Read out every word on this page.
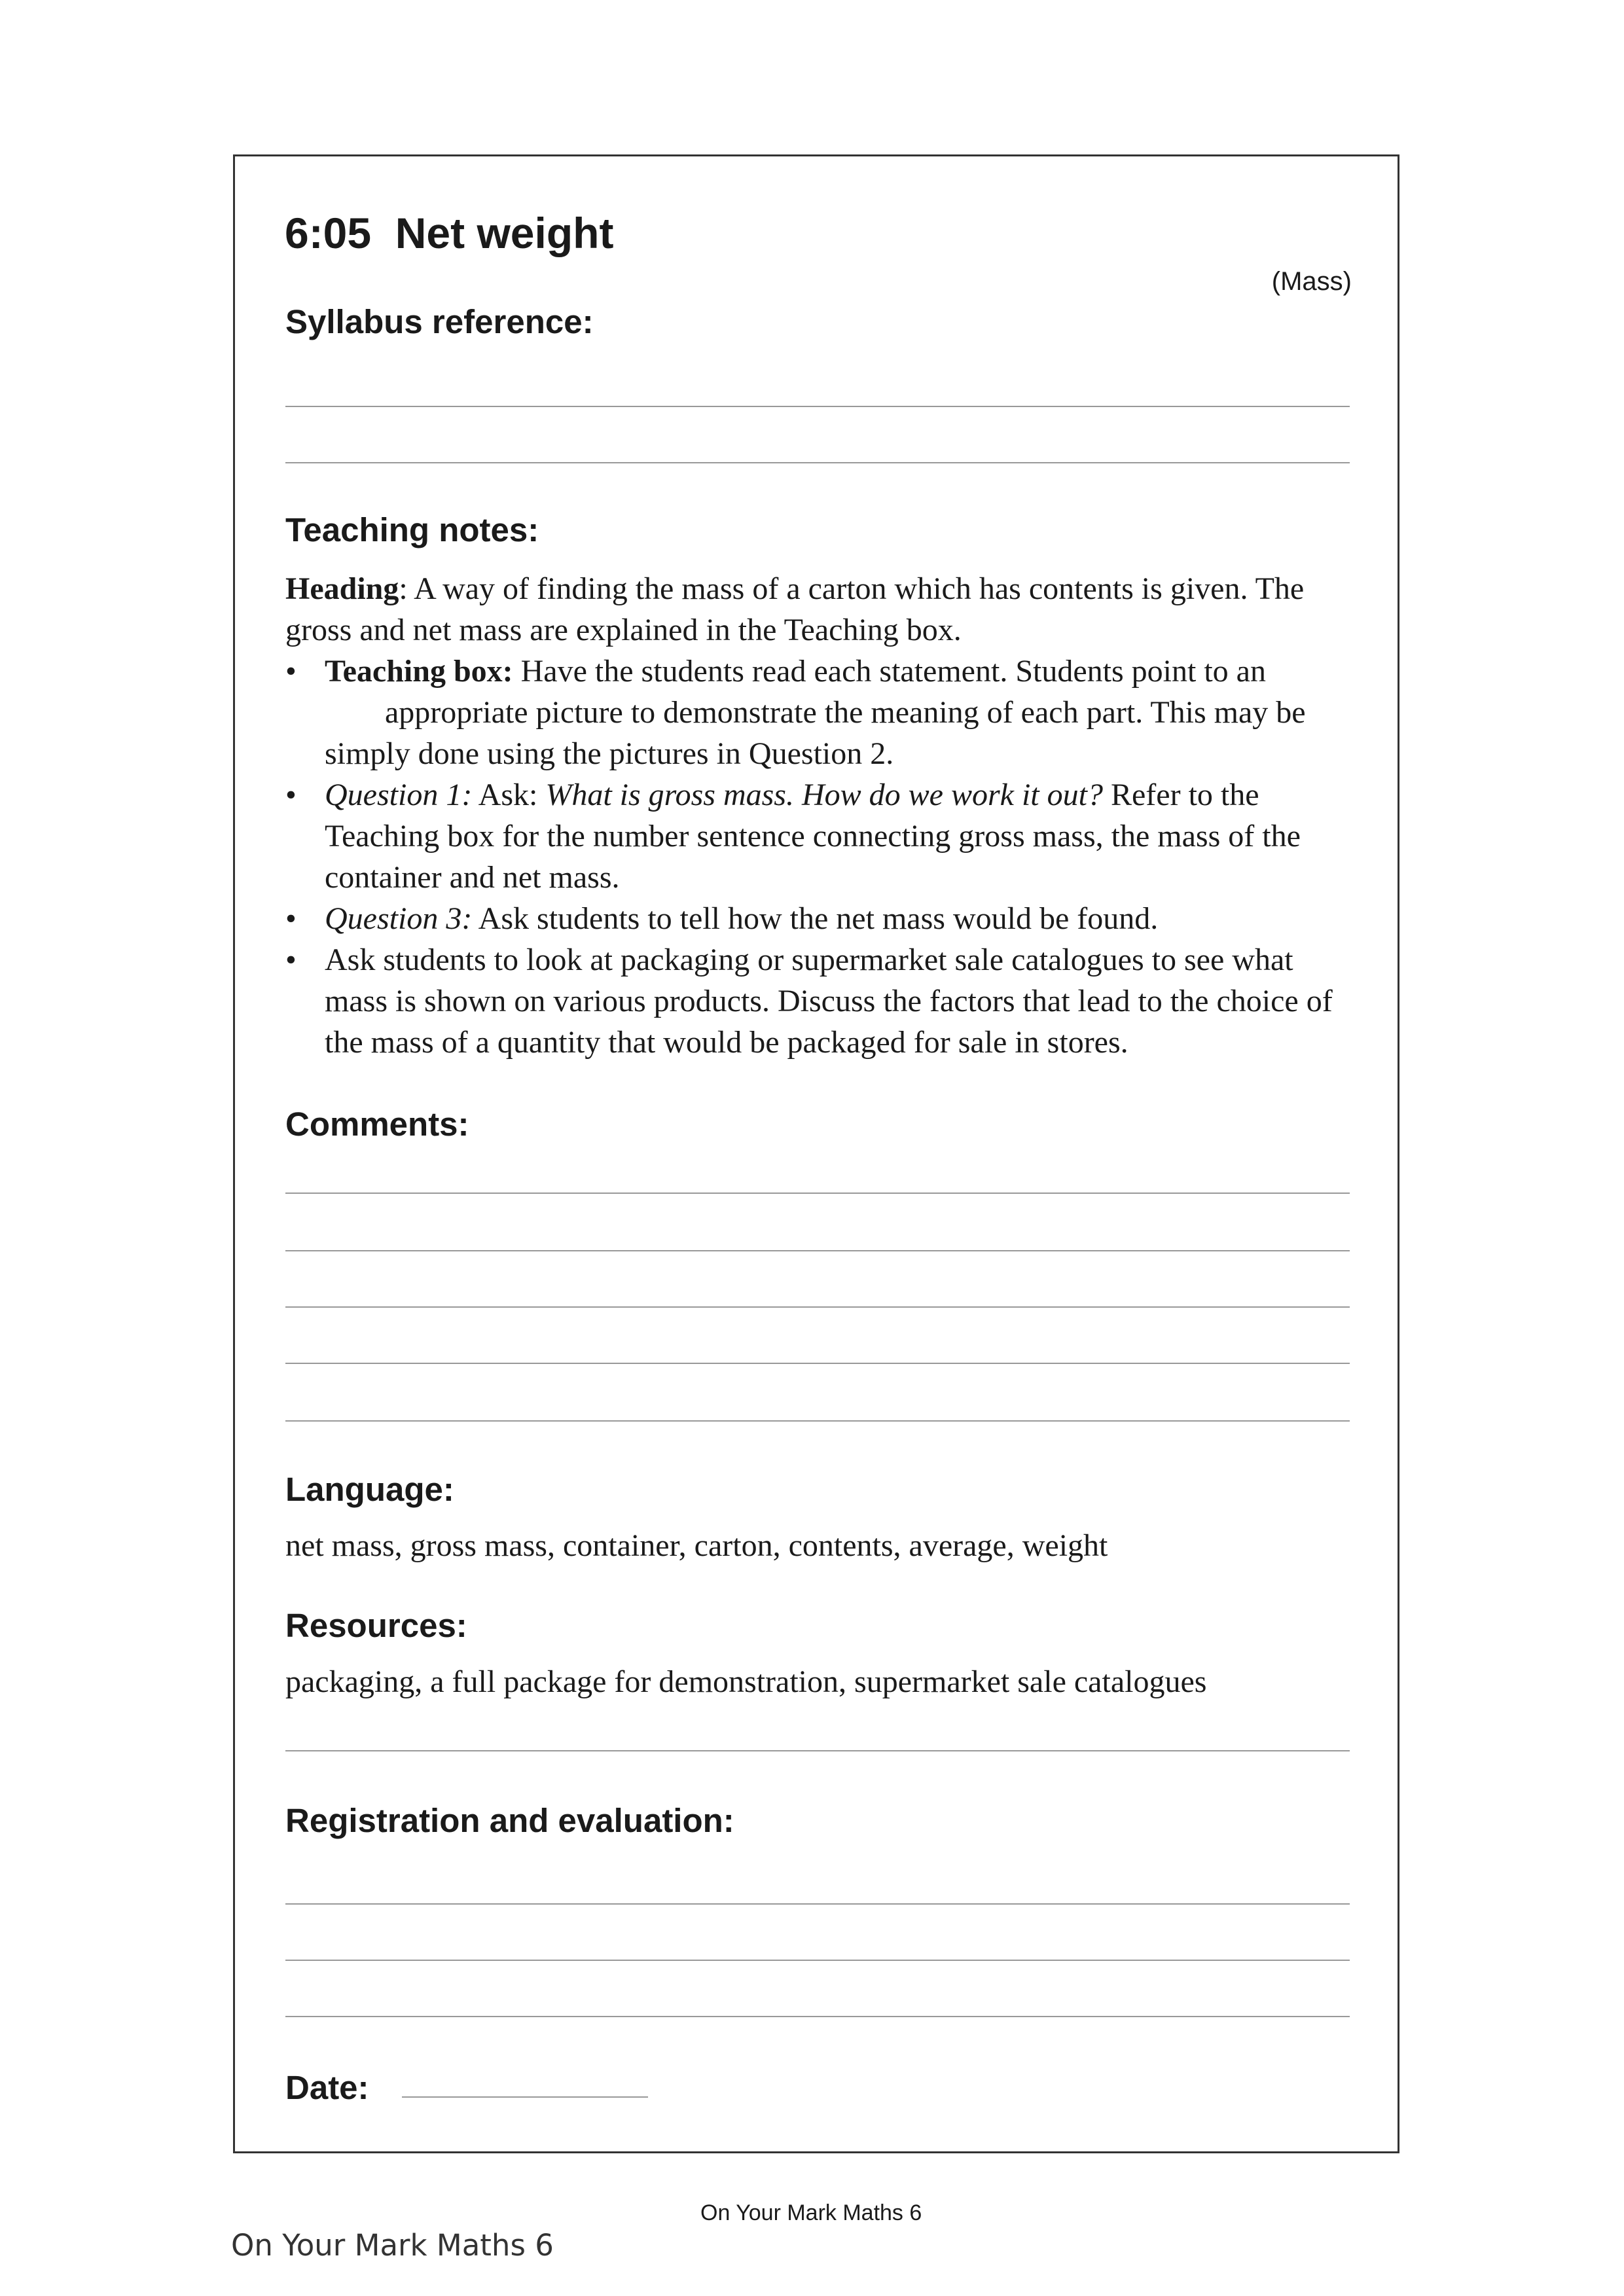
6:05  Net weight
(Mass)
Syllabus reference:
Teaching notes:

Heading: A way of finding the mass of a carton which has contents is given. The gross and net mass are explained in the Teaching box.

• Teaching box: Have the students read each statement. Students point to an
appropriate picture to demonstrate the meaning of each part. This may be
simply done using the pictures in Question 2.
• Question 1: Ask: What is gross mass. How do we work it out? Refer to the Teaching box for the number sentence connecting gross mass, the mass of the container and net mass.
• Question 3: Ask students to tell how the net mass would be found.
• Ask students to look at packaging or supermarket sale catalogues to see what mass is shown on various products. Discuss the factors that lead to the choice of the mass of a quantity that would be packaged for sale in stores.
Comments:
Language:
net mass, gross mass, container, carton, contents, average, weight
Resources:
packaging, a full package for demonstration, supermarket sale catalogues
Registration and evaluation:
Date:
On Your Mark Maths 6
On Your Mark Maths 6
